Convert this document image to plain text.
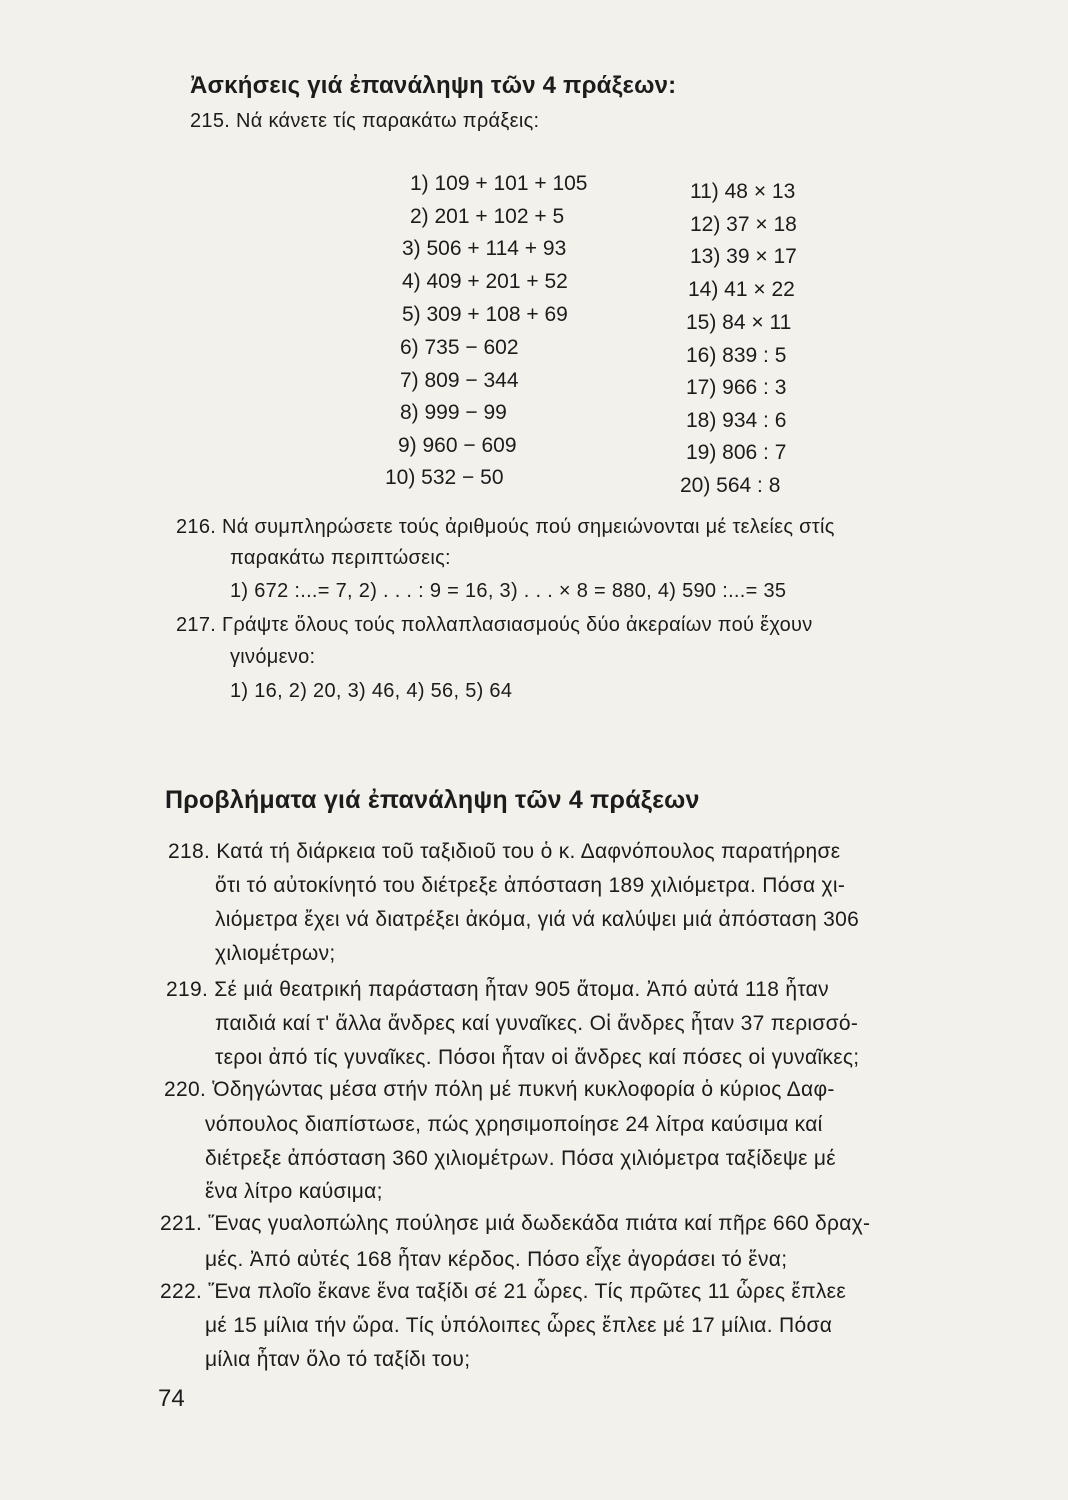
Ἀσκήσεις γιά ἐπανάληψη τῶν 4 πράξεων:
215. Νά κάνετε τίς παρακάτω πράξεις:
1) 109 + 101 + 105
2) 201 + 102 + 5
3) 506 + 114 + 93
4) 409 + 201 + 52
5) 309 + 108 + 69
6) 735 − 602
7) 809 − 344
8) 999 − 99
9) 960 − 609
10) 532 − 50
11) 48 × 13
12) 37 × 18
13) 39 × 17
14) 41 × 22
15) 84 × 11
16) 839 : 5
17) 966 : 3
18) 934 : 6
19) 806 : 7
20) 564 : 8
216. Νά συμπληρώσετε τούς ἀριθμούς πού σημειώνονται μέ τελείες στίς
παρακάτω περιπτώσεις:
1) 672 :...= 7, 2) . . . : 9 = 16, 3) . . . × 8 = 880, 4) 590 :...= 35
217. Γράψτε ὅλους τούς πολλαπλασιασμούς δύο ἀκεραίων πού ἔχουν
γινόμενο:
1) 16, 2) 20, 3) 46, 4) 56, 5) 64
Προβλήματα γιά ἐπανάληψη τῶν 4 πράξεων
218. Κατά τή διάρκεια τοῦ ταξιδιοῦ του ὁ κ. Δαφνόπουλος παρατήρησε
ὅτι τό αὐτοκίνητό του διέτρεξε ἀπόσταση 189 χιλιόμετρα. Πόσα χι-
λιόμετρα ἔχει νά διατρέξει ἀκόμα, γιά νά καλύψει μιά ἀπόσταση 306
χιλιομέτρων;
219. Σέ μιά θεατρική παράσταση ἦταν 905 ἄτομα. Ἀπό αὐτά 118 ἦταν
παιδιά καί τ' ἄλλα ἄνδρες καί γυναῖκες. Οἱ ἄνδρες ἦταν 37 περισσό-
τεροι ἀπό τίς γυναῖκες. Πόσοι ἦταν οἱ ἄνδρες καί πόσες οἱ γυναῖκες;
220. Ὁδηγώντας μέσα στήν πόλη μέ πυκνή κυκλοφορία ὁ κύριος Δαφ-
νόπουλος διαπίστωσε, πώς χρησιμοποίησε 24 λίτρα καύσιμα καί
διέτρεξε ἀπόσταση 360 χιλιομέτρων. Πόσα χιλιόμετρα ταξίδεψε μέ
ἕνα λίτρο καύσιμα;
221. Ἕνας γυαλοπώλης πούλησε μιά δωδεκάδα πιάτα καί πῆρε 660 δραχ-
μές. Ἀπό αὐτές 168 ἦταν κέρδος. Πόσο εἶχε ἀγοράσει τό ἕνα;
222. Ἕνα πλοῖο ἔκανε ἕνα ταξίδι σέ 21 ὧρες. Τίς πρῶτες 11 ὧρες ἔπλεε
μέ 15 μίλια τήν ὥρα. Τίς ὑπόλοιπες ὧρες ἔπλεε μέ 17 μίλια. Πόσα
μίλια ἦταν ὅλο τό ταξίδι του;
74
